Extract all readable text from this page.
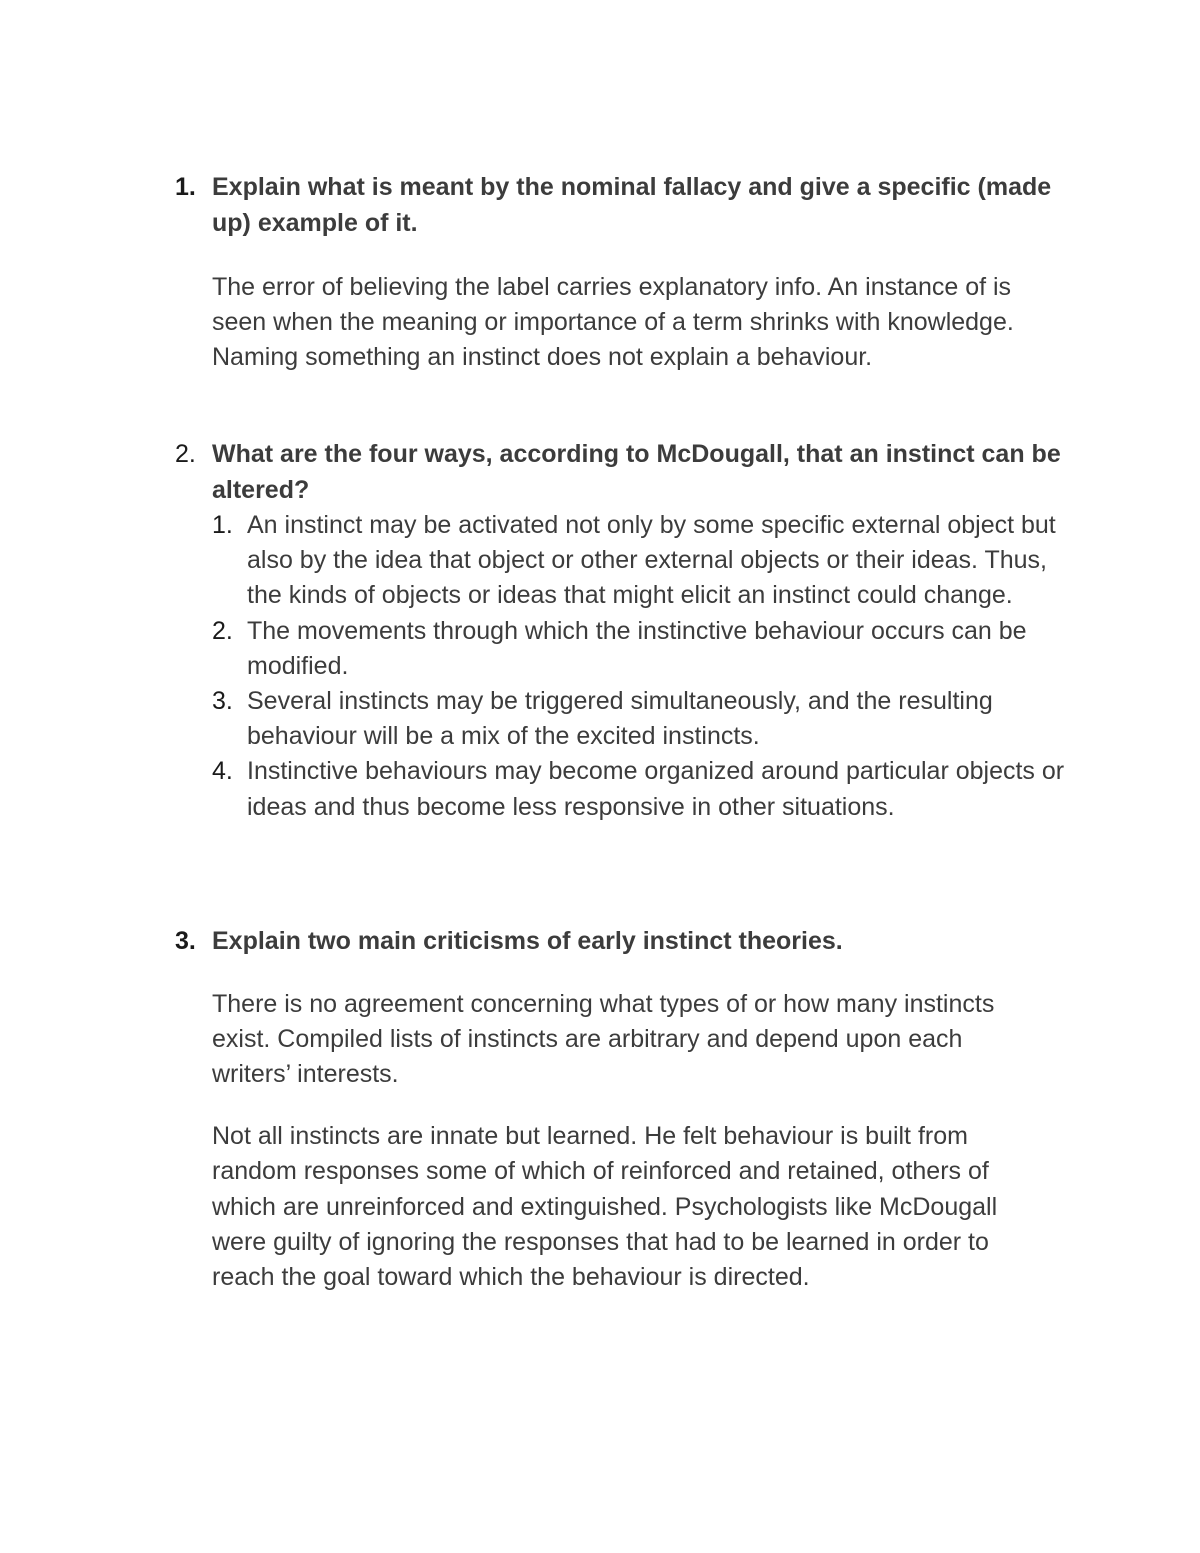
1. Explain what is meant by the nominal fallacy and give a specific (made up) example of it.
The error of believing the label carries explanatory info. An instance of is seen when the meaning or importance of a term shrinks with knowledge. Naming something an instinct does not explain a behaviour.
2. What are the four ways, according to McDougall, that an instinct can be altered?
1. An instinct may be activated not only by some specific external object but also by the idea that object or other external objects or their ideas. Thus, the kinds of objects or ideas that might elicit an instinct could change.
2. The movements through which the instinctive behaviour occurs can be modified.
3. Several instincts may be triggered simultaneously, and the resulting behaviour will be a mix of the excited instincts.
4. Instinctive behaviours may become organized around particular objects or ideas and thus become less responsive in other situations.
3. Explain two main criticisms of early instinct theories.
There is no agreement concerning what types of or how many instincts exist. Compiled lists of instincts are arbitrary and depend upon each writers’ interests.
Not all instincts are innate but learned. He felt behaviour is built from random responses some of which of reinforced and retained, others of which are unreinforced and extinguished. Psychologists like McDougall were guilty of ignoring the responses that had to be learned in order to reach the goal toward which the behaviour is directed.
